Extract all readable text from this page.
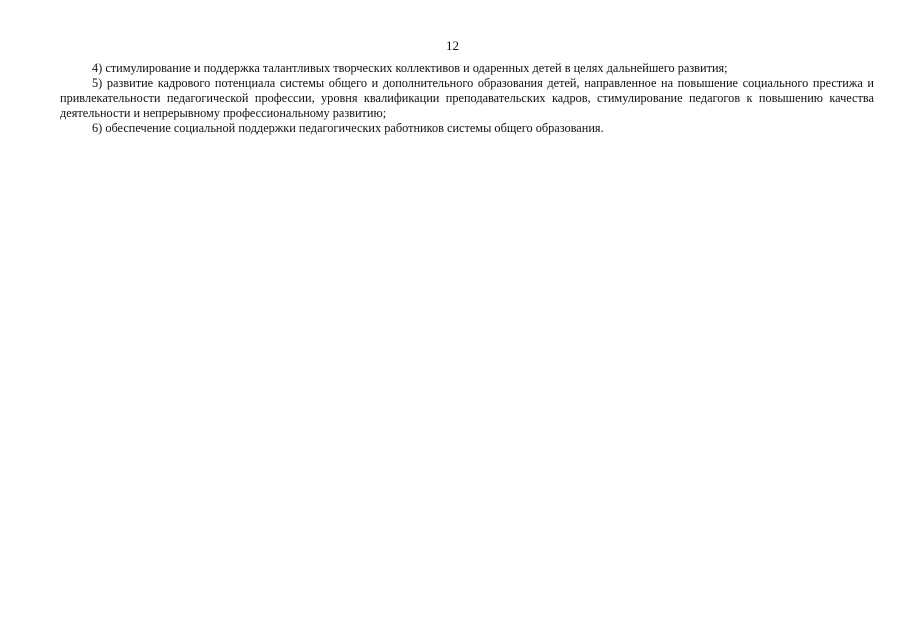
12

4) стимулирование и поддержка талантливых творческих коллективов и одаренных детей в целях дальнейшего развития;

5) развитие кадрового потенциала системы общего и дополнительного образования детей, направленное на повышение социального престижа и привлекательности педагогической профессии, уровня квалификации преподавательских кадров, стимулирование педагогов к повышению качества деятельности и непрерывному профессиональному развитию;

6) обеспечение социальной поддержки педагогических работников системы общего образования.
